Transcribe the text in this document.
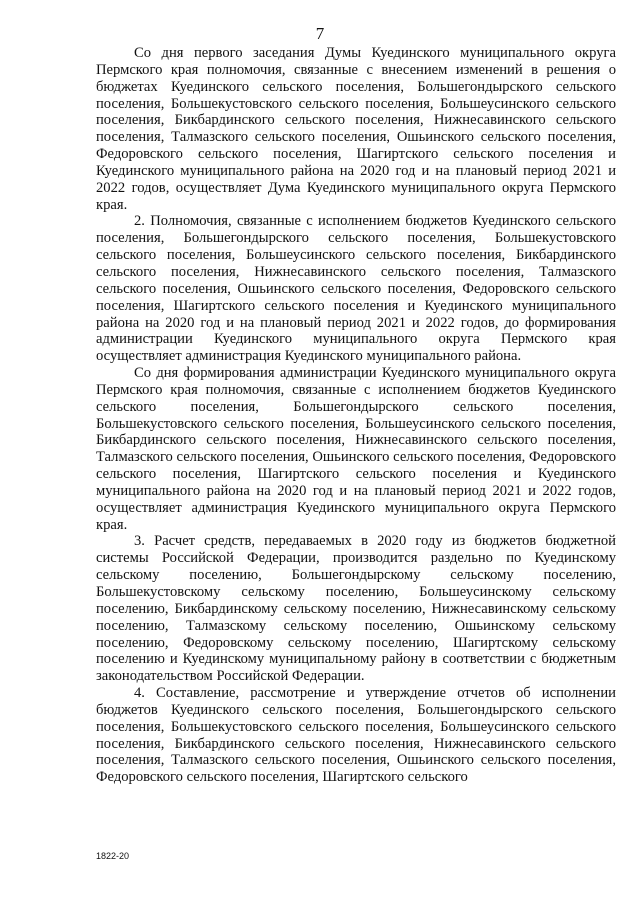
7

Со дня первого заседания Думы Куединского муниципального округа Пермского края полномочия, связанные с внесением изменений в решения о бюджетах Куединского сельского поселения, Большегондырского сельского поселения, Большекустовского сельского поселения, Большеусинского сельского поселения, Бикбардинского сельского поселения, Нижнесавинского сельского поселения, Талмазского сельского поселения, Ошьинского сельского поселения, Федоровского сельского поселения, Шагиртского сельского поселения и Куединского муниципального района на 2020 год и на плановый период 2021 и 2022 годов, осуществляет Дума Куединского муниципального округа Пермского края.

2. Полномочия, связанные с исполнением бюджетов Куединского сельского поселения, Большегондырского сельского поселения, Большекустовского сельского поселения, Большеусинского сельского поселения, Бикбардинского сельского поселения, Нижнесавинского сельского поселения, Талмазского сельского поселения, Ошьинского сельского поселения, Федоровского сельского поселения, Шагиртского сельского поселения и Куединского муниципального района на 2020 год и на плановый период 2021 и 2022 годов, до формирования администрации Куединского муниципального округа Пермского края осуществляет администрация Куединского муниципального района.

Со дня формирования администрации Куединского муниципального округа Пермского края полномочия, связанные с исполнением бюджетов Куединского сельского поселения, Большегондырского сельского поселения, Большекустовского сельского поселения, Большеусинского сельского поселения, Бикбардинского сельского поселения, Нижнесавинского сельского поселения, Талмазского сельского поселения, Ошьинского сельского поселения, Федоровского сельского поселения, Шагиртского сельского поселения и Куединского муниципального района на 2020 год и на плановый период 2021 и 2022 годов, осуществляет администрация Куединского муниципального округа Пермского края.

3. Расчет средств, передаваемых в 2020 году из бюджетов бюджетной системы Российской Федерации, производится раздельно по Куединскому сельскому поселению, Большегондырскому сельскому поселению, Большекустовскому сельскому поселению, Большеусинскому сельскому поселению, Бикбардинскому сельскому поселению, Нижнесавинскому сельскому поселению, Талмазскому сельскому поселению, Ошьинскому сельскому поселению, Федоровскому сельскому поселению, Шагиртскому сельскому поселению и Куединскому муниципальному району в соответствии с бюджетным законодательством Российской Федерации.

4. Составление, рассмотрение и утверждение отчетов об исполнении бюджетов Куединского сельского поселения, Большегондырского сельского поселения, Большекустовского сельского поселения, Большеусинского сельского поселения, Бикбардинского сельского поселения, Нижнесавинского сельского поселения, Талмазского сельского поселения, Ошьинского сельского поселения, Федоровского сельского поселения, Шагиртского сельского

1822-20
